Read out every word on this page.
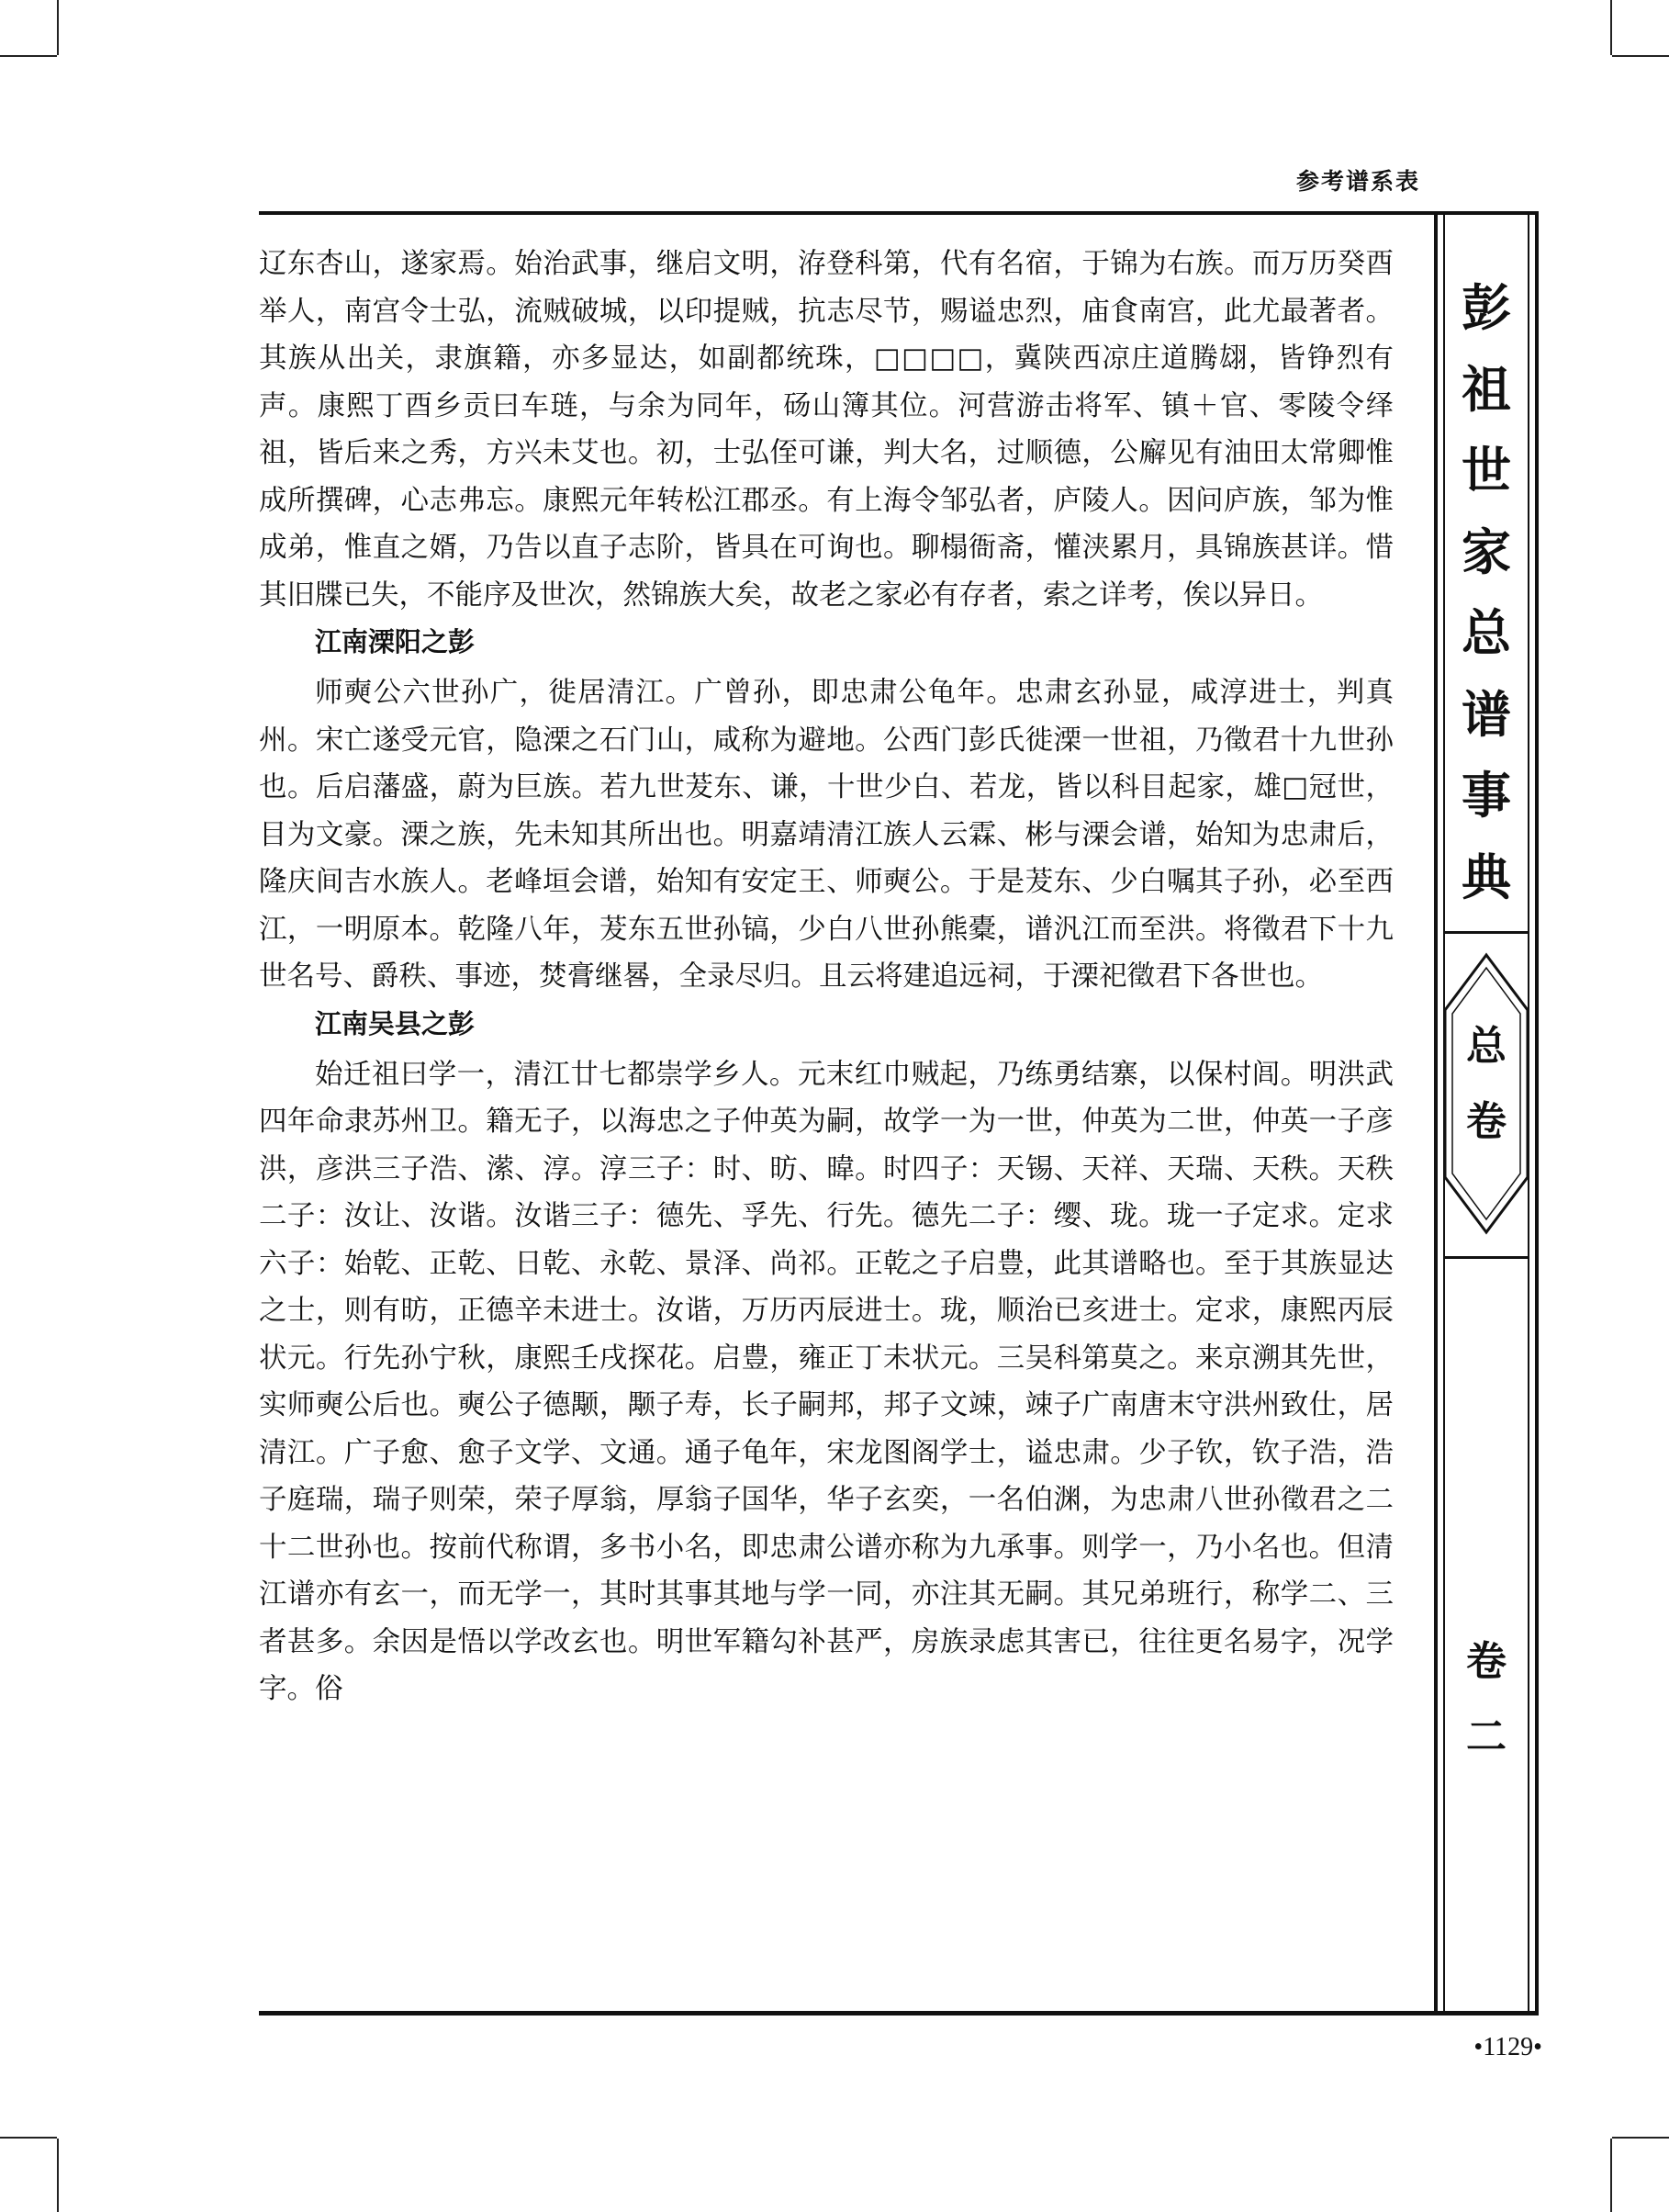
参考谱系表

辽东杏山，遂家焉。始治武事，继启文明，洊登科第，代有名宿，于锦为右族。而万历癸酉举人，南宫令士弘，流贼破城，以印提贼，抗志尽节，赐谥忠烈，庙食南宫，此尤最著者。其族从出关，隶旗籍，亦多显达，如副都统珠，□□□□，冀陕西凉庄道腾翃，皆铮烈有声。康熙丁酉乡贡曰车琏，与余为同年，砀山簿其位。河营游击将军、镇＋官、零陵令绎祖，皆后来之秀，方兴未艾也。初，士弘侄可谦，判大名，过顺德，公廨见有油田太常卿惟成所撰碑，心志弗忘。康熙元年转松江郡丞。有上海令邹弘者，庐陵人。因问庐族，邹为惟成弟，惟直之婿，乃告以直子志阶，皆具在可询也。聊榻衙斋，懽浃累月，具锦族甚详。惜其旧牒已失，不能序及世次，然锦族大矣，故老之家必有存者，索之详考，俟以异日。

江南溧阳之彭

师奭公六世孙广，徙居清江。广曾孙，即忠肃公龟年。忠肃玄孙显，咸淳进士，判真州。宋亡遂受元官，隐溧之石门山，咸称为避地。公西门彭氏徙溧一世祖，乃徵君十九世孙也。后启藩盛，蔚为巨族。若九世茇东、谦，十世少白、若龙，皆以科目起家，雄□冠世，目为文豪。溧之族，先未知其所出也。明嘉靖清江族人云霖、彬与溧会谱，始知为忠肃后，隆庆间吉水族人。老峰垣会谱，始知有安定王、师奭公。于是茇东、少白嘱其子孙，必至西江，一明原本。乾隆八年，茇东五世孙镐，少白八世孙熊橐，谱汎江而至洪。将徵君下十九世名号、爵秩、事迹，焚膏继晷，全录尽归。且云将建追远祠，于溧祀徵君下各世也。

江南吴县之彭

始迁祖曰学一，清江廿七都崇学乡人。元末红巾贼起，乃练勇结寨，以保村闾。明洪武四年命隶苏州卫。籍无子，以海忠之子仲英为嗣，故学一为一世，仲英为二世，仲英一子彦洪，彦洪三子浩、潆、淳。淳三子：时、昉、暐。时四子：天锡、天祥、天瑞、天秩。天秩二子：汝让、汝谐。汝谐三子：德先、孚先、行先。德先二子：缨、珑。珑一子定求。定求六子：始乾、正乾、日乾、永乾、景泽、尚祁。正乾之子启豊，此其谱略也。至于其族显达之士，则有昉，正德辛未进士。汝谐，万历丙辰进士。珑，顺治已亥进士。定求，康熙丙辰状元。行先孙宁秋，康熙壬戌探花。启豊，雍正丁未状元。三吴科第莫之。来京溯其先世，实师奭公后也。奭公子德颙，颙子寿，长子嗣邦，邦子文竦，竦子广南唐末守洪州致仕，居清江。广子愈、愈子文学、文通。通子龟年，宋龙图阁学士，谥忠肃。少子钦，钦子浩，浩子庭瑞，瑞子则荣，荣子厚翁，厚翁子国华，华子玄奕，一名伯渊，为忠肃八世孙徵君之二十二世孙也。按前代称谓，多书小名，即忠肃公谱亦称为九承事。则学一，乃小名也。但清江谱亦有玄一，而无学一，其时其事其地与学一同，亦注其无嗣。其兄弟班行，称学二、三者甚多。余因是悟以学改玄也。明世军籍勾补甚严，房族录虑其害已，往往更名易字，况学字。俗

彭
祖
世
家
总
谱
事
典
总
卷
卷
二
•1129•
